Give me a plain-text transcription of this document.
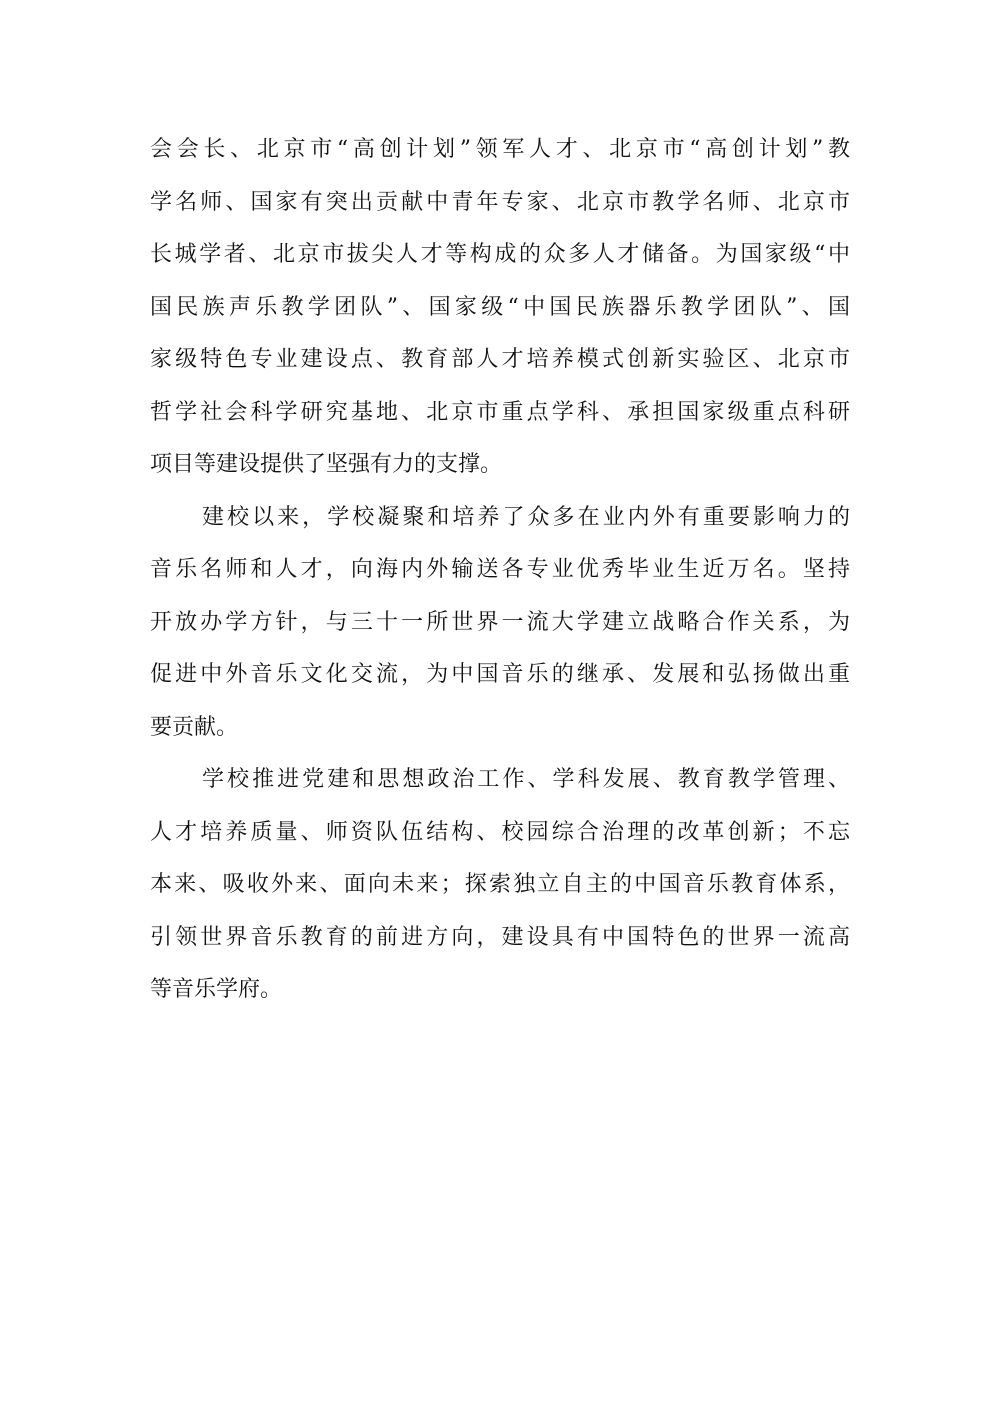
会会长、北京市“高创计划”领军人才、北京市“高创计划”教
学名师、国家有突出贡献中青年专家、北京市教学名师、北京市
长城学者、北京市拔尖人才等构成的众多人才储备。为国家级“中
国民族声乐教学团队”、国家级“中国民族器乐教学团队”、国
家级特色专业建设点、教育部人才培养模式创新实验区、北京市
哲学社会科学研究基地、北京市重点学科、承担国家级重点科研
项目等建设提供了坚强有力的支撑。
建校以来，学校凝聚和培养了众多在业内外有重要影响力的
音乐名师和人才，向海内外输送各专业优秀毕业生近万名。坚持
开放办学方针，与三十一所世界一流大学建立战略合作关系，为
促进中外音乐文化交流，为中国音乐的继承、发展和弘扬做出重
要贡献。
学校推进党建和思想政治工作、学科发展、教育教学管理、
人才培养质量、师资队伍结构、校园综合治理的改革创新；不忘
本来、吸收外来、面向未来；探索独立自主的中国音乐教育体系，
引领世界音乐教育的前进方向，建设具有中国特色的世界一流高
等音乐学府。
